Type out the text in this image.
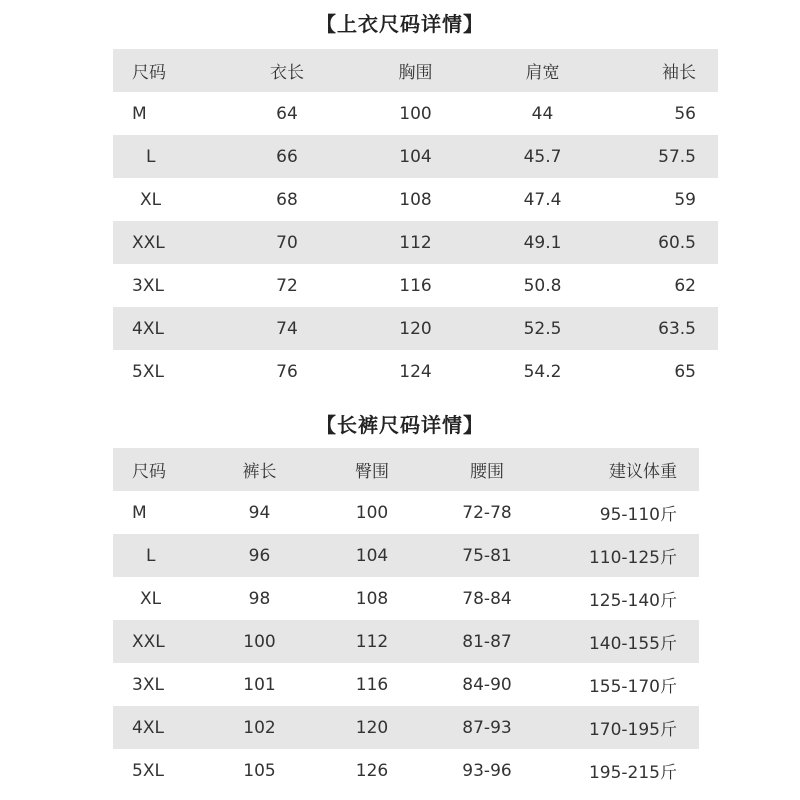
【上衣尺码详情】
尺码	衣长	胸围	肩宽	袖长
M	64	100	44	56
L	66	104	45.7	57.5
XL	68	108	47.4	59
XXL	70	112	49.1	60.5
3XL	72	116	50.8	62
4XL	74	120	52.5	63.5
5XL	76	124	54.2	65
【长裤尺码详情】
尺码	裤长	臀围	腰围	建议体重
M	94	100	72-78	95-110斤
L	96	104	75-81	110-125斤
XL	98	108	78-84	125-140斤
XXL	100	112	81-87	140-155斤
3XL	101	116	84-90	155-170斤
4XL	102	120	87-93	170-195斤
5XL	105	126	93-96	195-215斤
